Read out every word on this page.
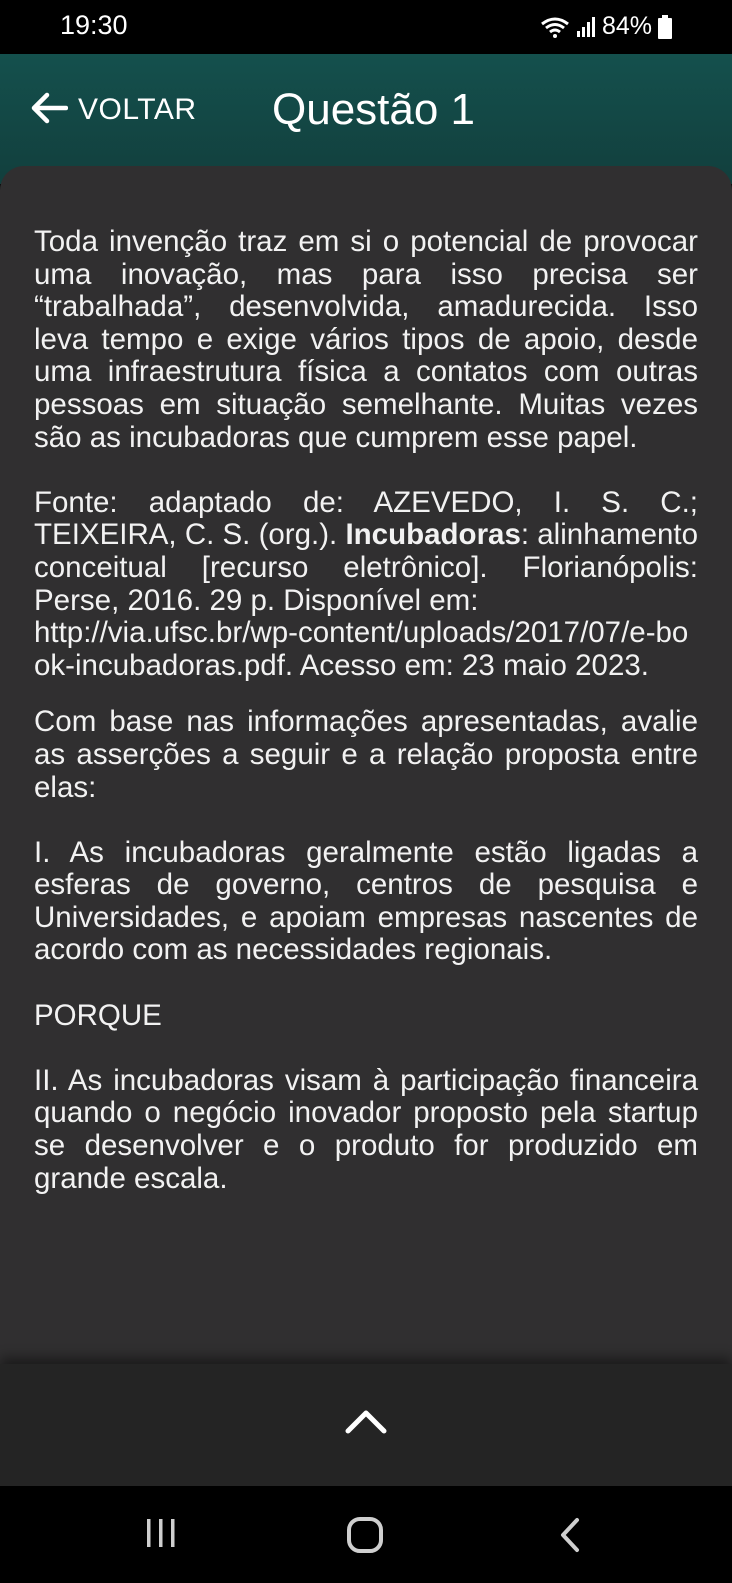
19:30	84%
VOLTAR Questão 1

Toda invenção traz em si o potencial de provocar uma inovação, mas para isso precisa ser “trabalhada”, desenvolvida, amadurecida. Isso leva tempo e exige vários tipos de apoio, desde uma infraestrutura física a contatos com outras pessoas em situação semelhante. Muitas vezes são as incubadoras que cumprem esse papel.

Fonte: adaptado de: AZEVEDO, I. S. C.; TEIXEIRA, C. S. (org.). Incubadoras: alinhamento conceitual [recurso eletrônico]. Florianópolis: Perse, 2016. 29 p. Disponível em:
http://via.ufsc.br/wp-content/uploads/2017/07/e-book-incubadoras.pdf. Acesso em: 23 maio 2023.

Com base nas informações apresentadas, avalie as asserções a seguir e a relação proposta entre elas:

I. As incubadoras geralmente estão ligadas a esferas de governo, centros de pesquisa e Universidades, e apoiam empresas nascentes de acordo com as necessidades regionais.

PORQUE

II. As incubadoras visam à participação financeira quando o negócio inovador proposto pela startup se desenvolver e o produto for produzido em grande escala.
